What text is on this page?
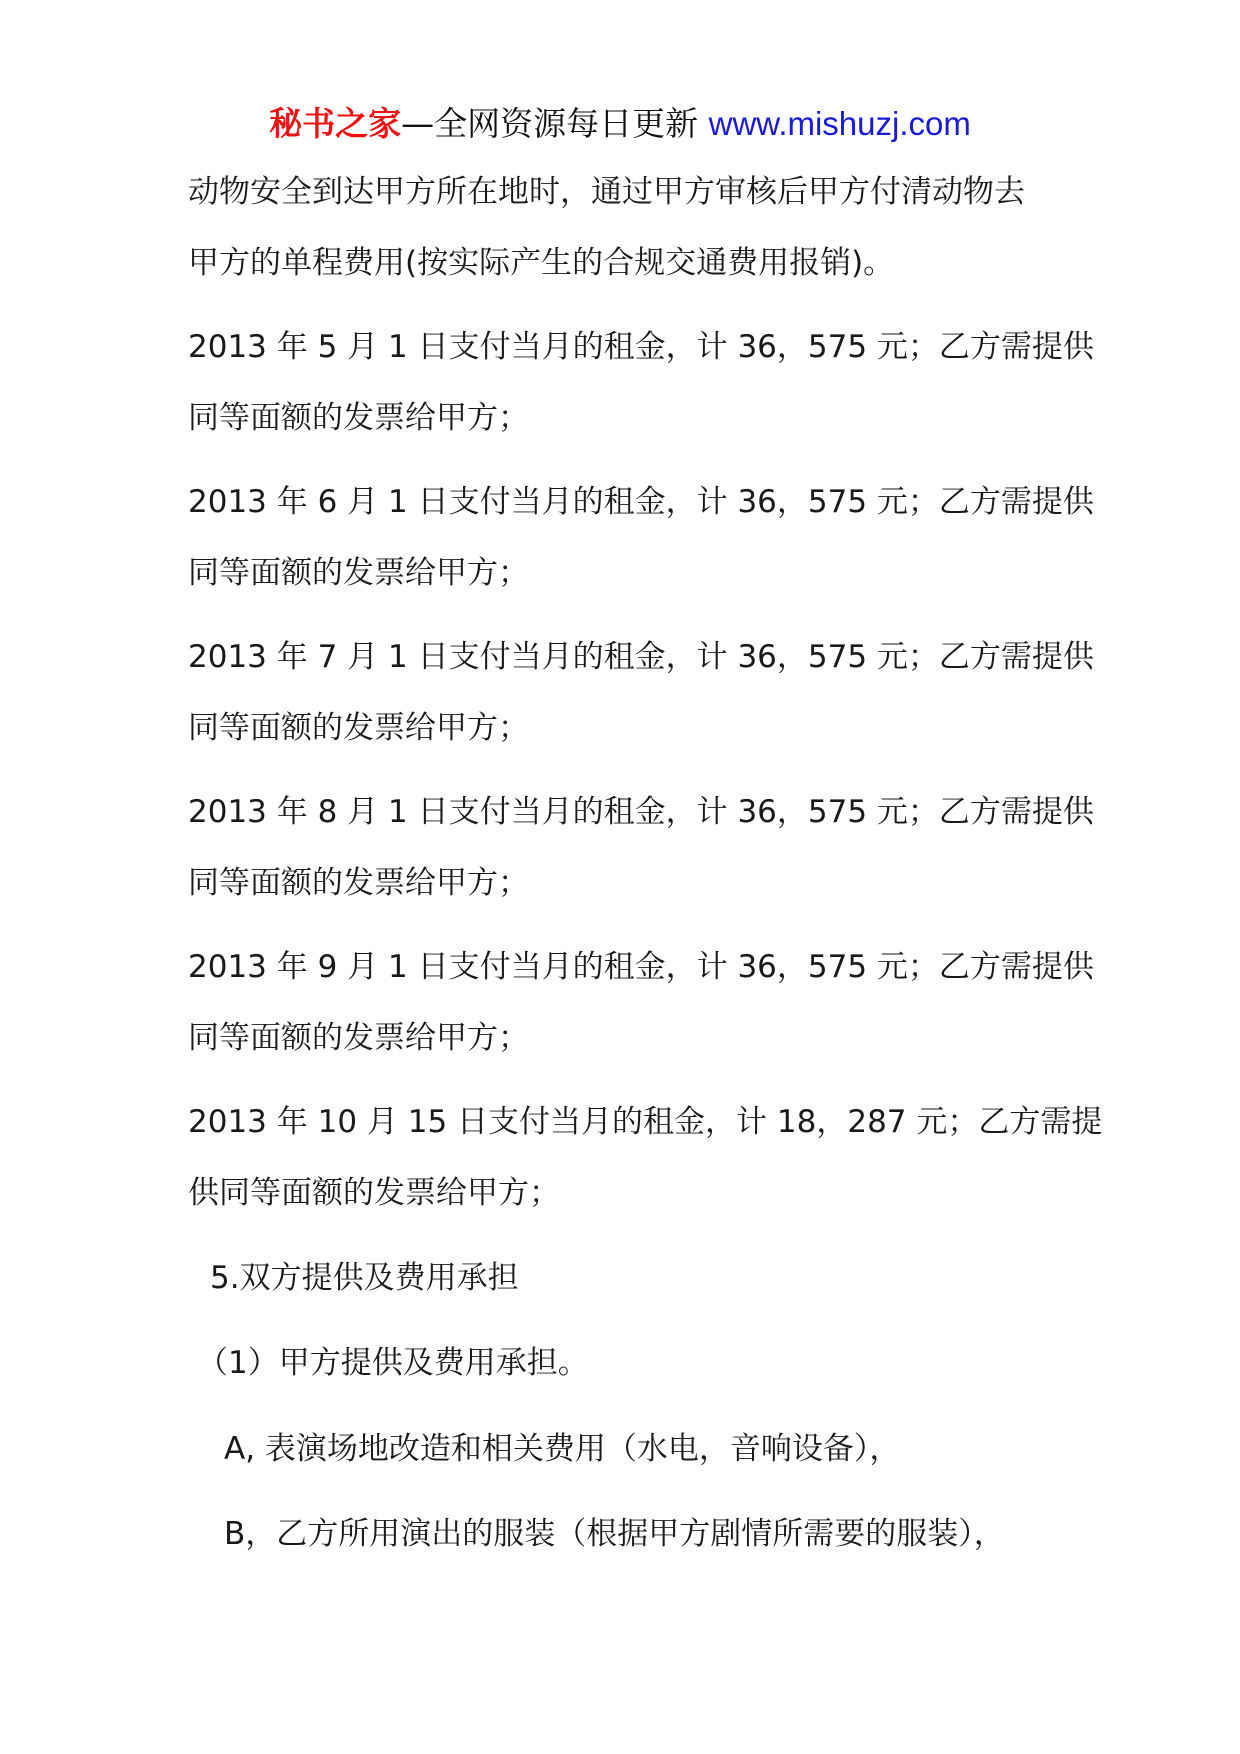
秘书之家—全网资源每日更新 www.mishuzj.com
动物安全到达甲方所在地时，通过甲方审核后甲方付清动物去
甲方的单程费用(按实际产生的合规交通费用报销)。
2013 年 5 月 1 日支付当月的租金，计 36，575 元；乙方需提供
同等面额的发票给甲方；
2013 年 6 月 1 日支付当月的租金，计 36，575 元；乙方需提供
同等面额的发票给甲方；
2013 年 7 月 1 日支付当月的租金，计 36，575 元；乙方需提供
同等面额的发票给甲方；
2013 年 8 月 1 日支付当月的租金，计 36，575 元；乙方需提供
同等面额的发票给甲方；
2013 年 9 月 1 日支付当月的租金，计 36，575 元；乙方需提供
同等面额的发票给甲方；
2013 年 10 月 15 日支付当月的租金，计 18，287 元；乙方需提
供同等面额的发票给甲方；
5.双方提供及费用承担
（1）甲方提供及费用承担。
A, 表演场地改造和相关费用（水电，音响设备），
B，乙方所用演出的服装（根据甲方剧情所需要的服装），
